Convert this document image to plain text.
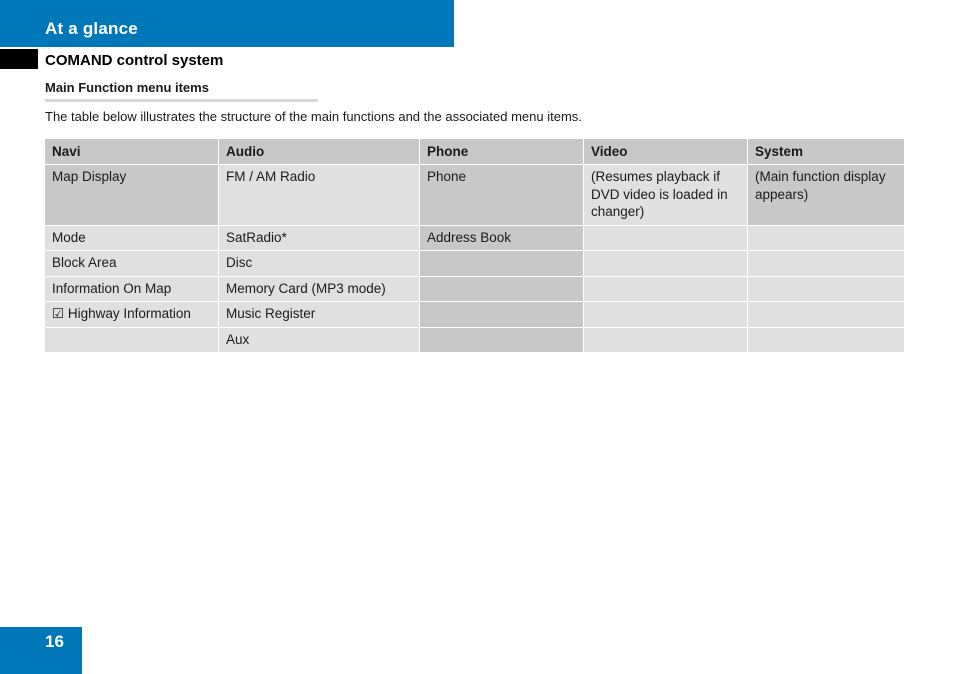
At a glance
COMAND control system
Main Function menu items
The table below illustrates the structure of the main functions and the associated menu items.
Navi	Audio	Phone	Video	System
Map Display	FM / AM Radio	Phone	(Resumes playback if DVD video is loaded in changer)	(Main function display appears)
Mode	SatRadio*	Address Book		
Block Area	Disc			
Information On Map	Memory Card (MP3 mode)			
☑ Highway Information	Music Register			
	Aux			
16
